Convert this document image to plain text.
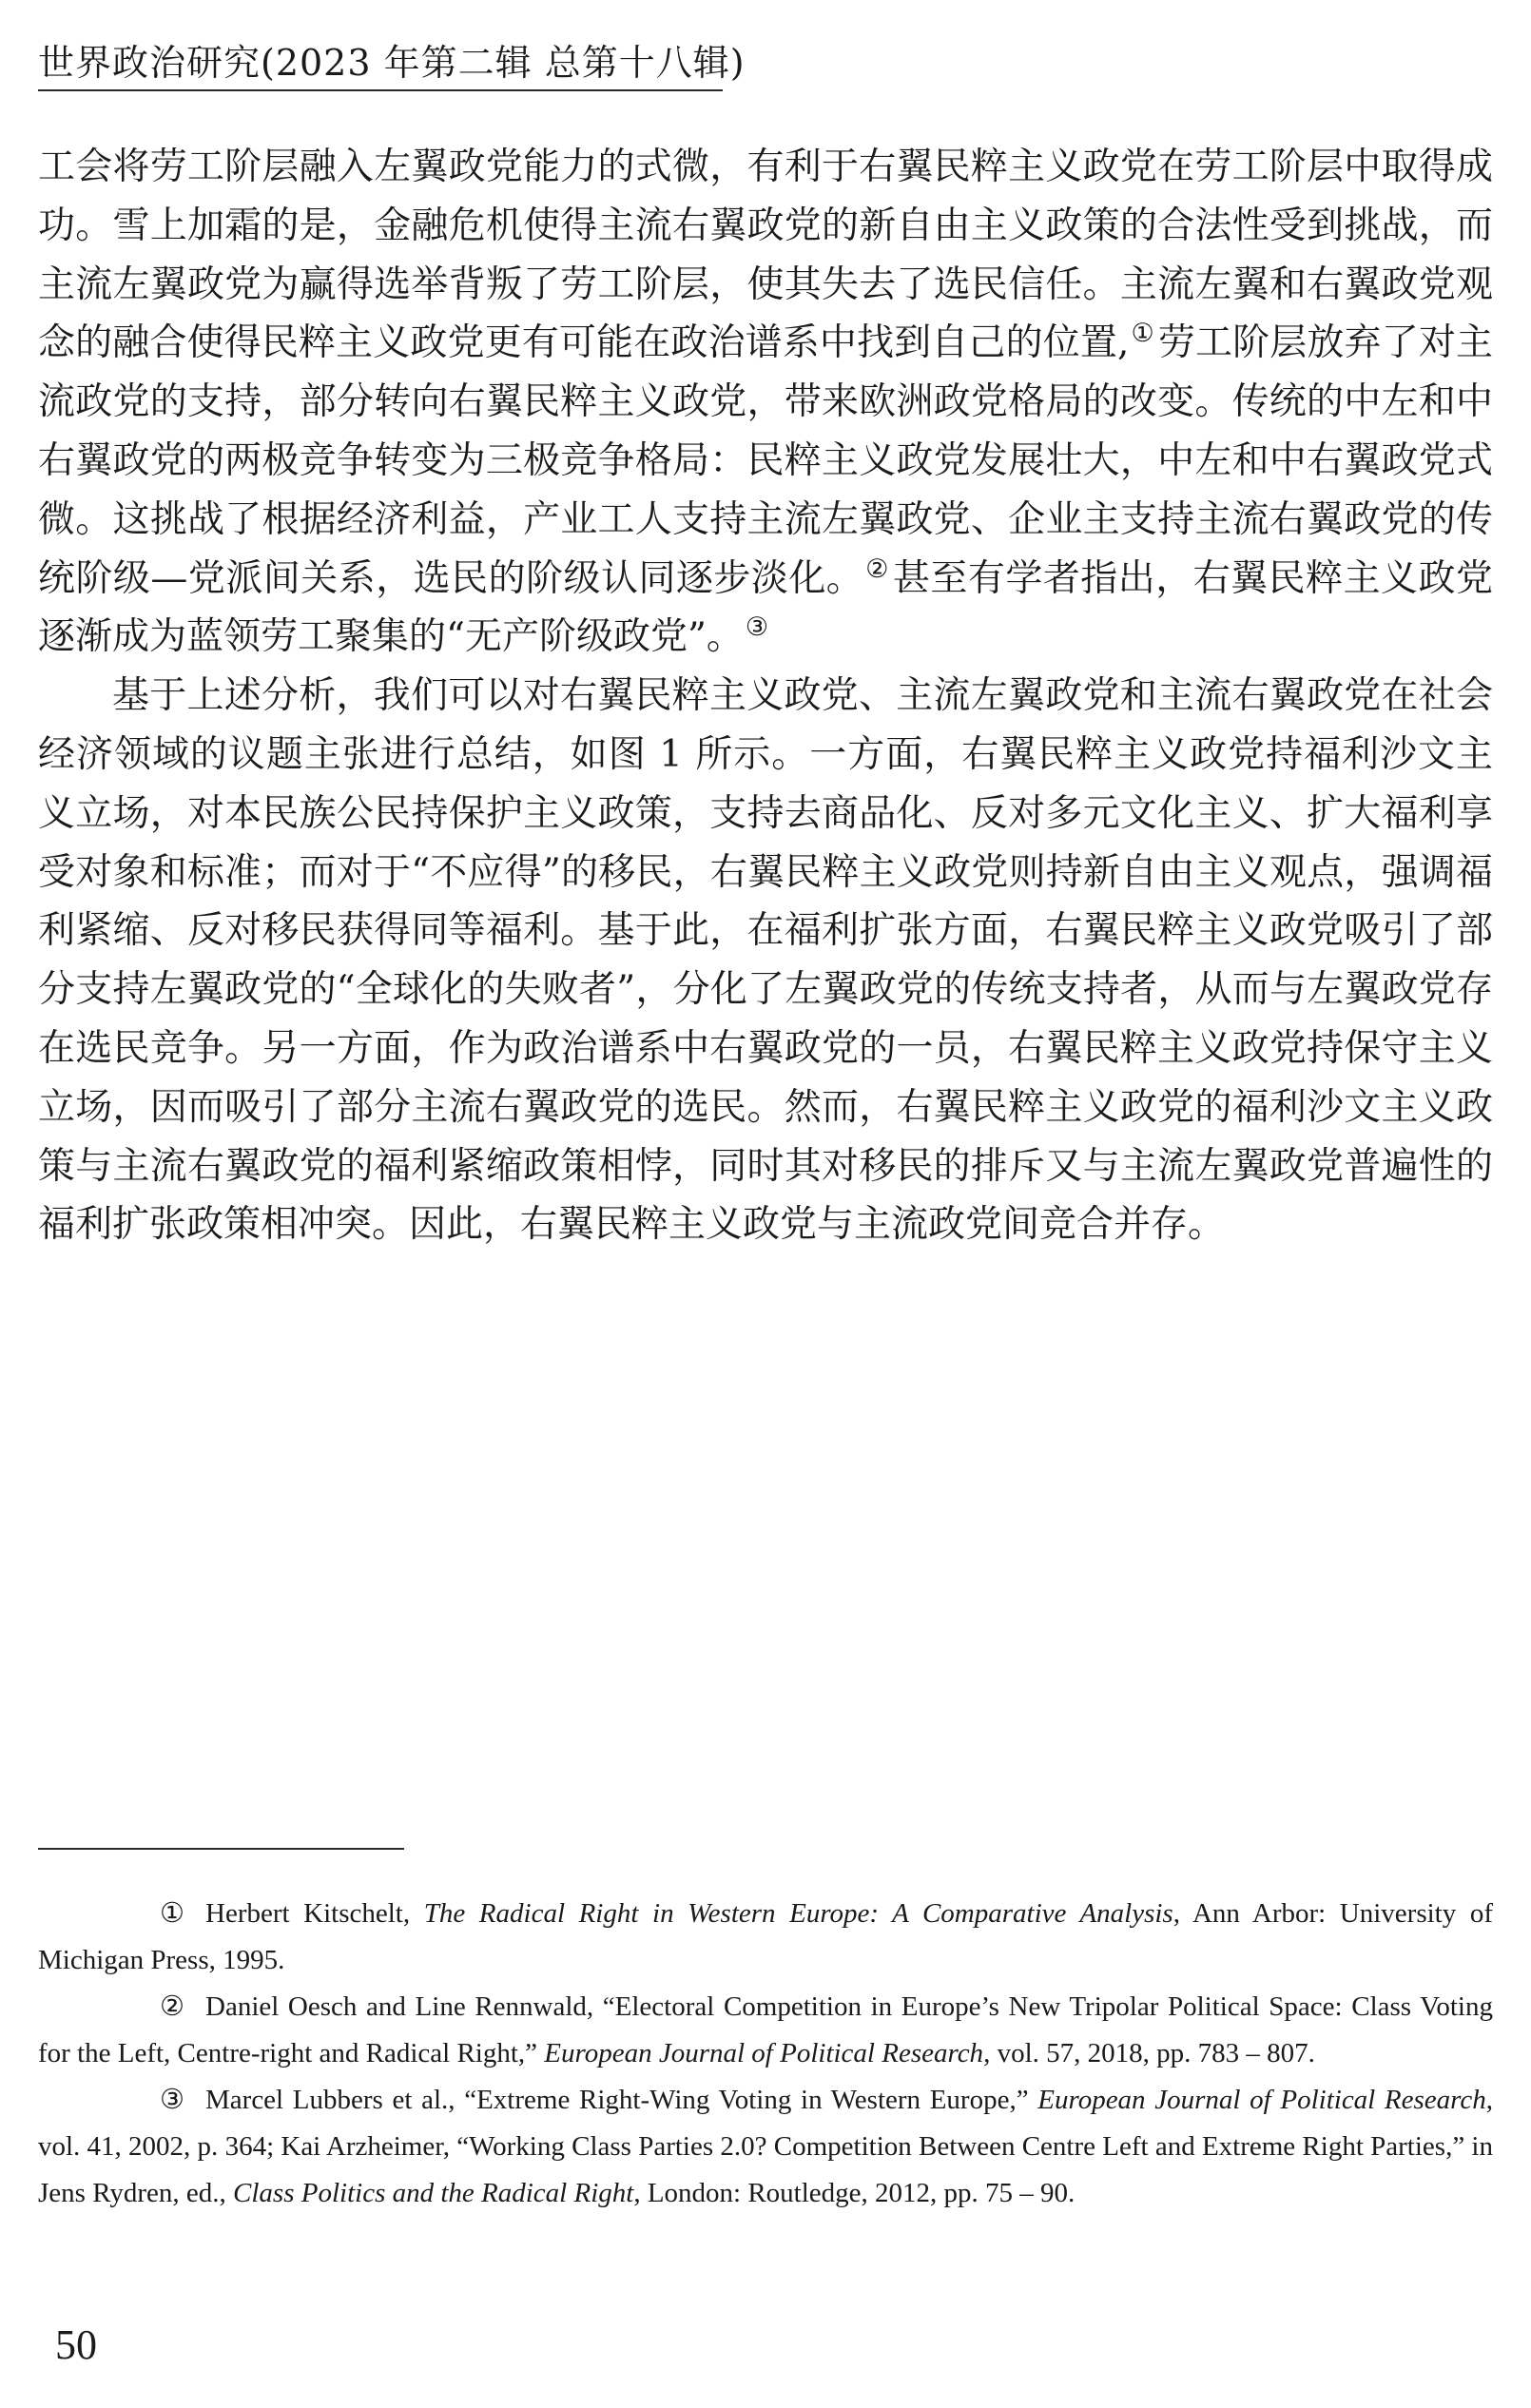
世界政治研究(2023 年第二辑 总第十八辑)

工会将劳工阶层融入左翼政党能力的式微，有利于右翼民粹主义政党在劳工阶层中取得成功。雪上加霜的是，金融危机使得主流右翼政党的新自由主义政策的合法性受到挑战，而主流左翼政党为赢得选举背叛了劳工阶层，使其失去了选民信任。主流左翼和右翼政党观念的融合使得民粹主义政党更有可能在政治谱系中找到自己的位置,① 劳工阶层放弃了对主流政党的支持，部分转向右翼民粹主义政党，带来欧洲政党格局的改变。传统的中左和中右翼政党的两极竞争转变为三极竞争格局：民粹主义政党发展壮大，中左和中右翼政党式微。这挑战了根据经济利益，产业工人支持主流左翼政党、企业主支持主流右翼政党的传统阶级—党派间关系，选民的阶级认同逐步淡化。② 甚至有学者指出，右翼民粹主义政党逐渐成为蓝领劳工聚集的“无产阶级政党”。③

基于上述分析，我们可以对右翼民粹主义政党、主流左翼政党和主流右翼政党在社会经济领域的议题主张进行总结，如图 1 所示。一方面，右翼民粹主义政党持福利沙文主义立场，对本民族公民持保护主义政策，支持去商品化、反对多元文化主义、扩大福利享受对象和标准；而对于“不应得”的移民，右翼民粹主义政党则持新自由主义观点，强调福利紧缩、反对移民获得同等福利。基于此，在福利扩张方面，右翼民粹主义政党吸引了部分支持左翼政党的“全球化的失败者”，分化了左翼政党的传统支持者，从而与左翼政党存在选民竞争。另一方面，作为政治谱系中右翼政党的一员，右翼民粹主义政党持保守主义立场，因而吸引了部分主流右翼政党的选民。然而，右翼民粹主义政党的福利沙文主义政策与主流右翼政党的福利紧缩政策相悖，同时其对移民的排斥又与主流左翼政党普遍性的福利扩张政策相冲突。因此，右翼民粹主义政党与主流政党间竞合并存。

① Herbert Kitschelt, The Radical Right in Western Europe: A Comparative Analysis, Ann Arbor: University of Michigan Press, 1995.

② Daniel Oesch and Line Rennwald, “Electoral Competition in Europe’s New Tripolar Political Space: Class Voting for the Left, Centre-right and Radical Right,” European Journal of Political Research, vol. 57, 2018, pp. 783 – 807.

③ Marcel Lubbers et al., “Extreme Right-Wing Voting in Western Europe,” European Journal of Political Research, vol. 41, 2002, p. 364; Kai Arzheimer, “Working Class Parties 2.0? Competition Between Centre Left and Extreme Right Parties,” in Jens Rydren, ed., Class Politics and the Radical Right, London: Routledge, 2012, pp. 75 – 90.

50
